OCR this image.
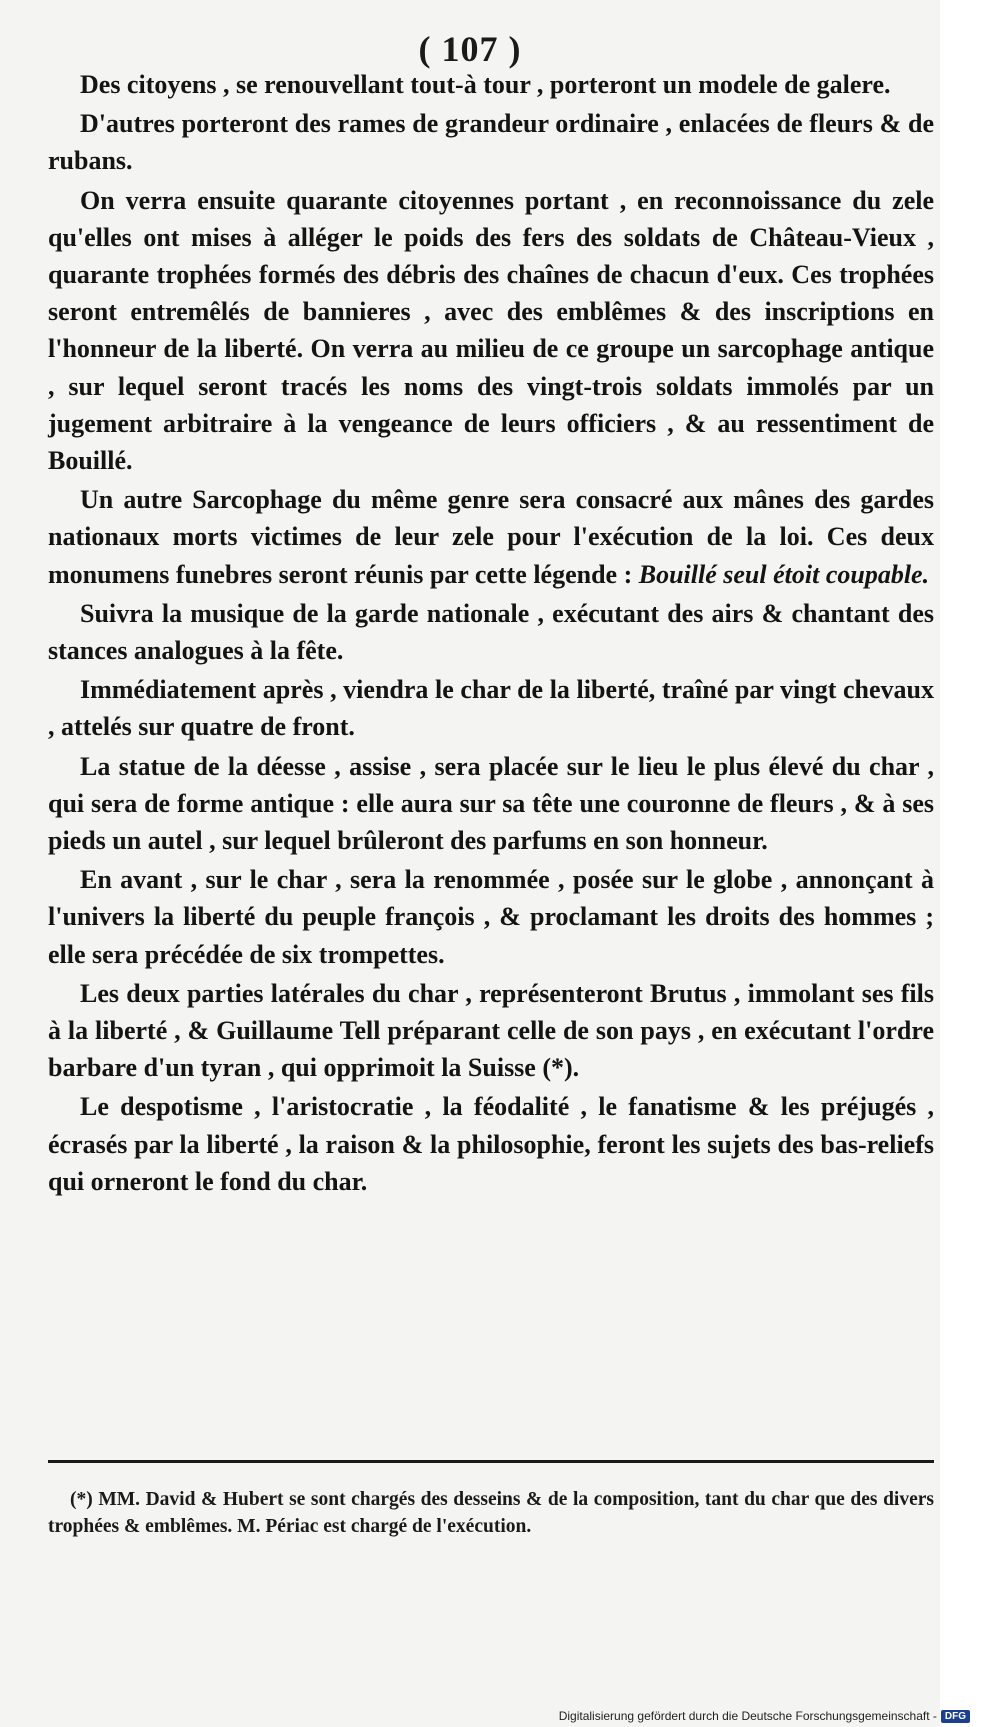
( 107 )

Des citoyens , se renouvellant tout-à tour , porteront un modele de galere.

D'autres porteront des rames de grandeur ordinaire , enlacées de fleurs & de rubans.

On verra ensuite quarante citoyennes portant , en reconnoissance du zele qu'elles ont mises à alléger le poids des fers des soldats de Château-Vieux , quarante trophées formés des débris des chaînes de chacun d'eux. Ces trophées seront entremêlés de bannieres , avec des emblêmes & des inscriptions en l'honneur de la liberté. On verra au milieu de ce groupe un sarcophage antique , sur lequel seront tracés les noms des vingt-trois soldats immolés par un jugement arbitraire à la vengeance de leurs officiers , & au ressentiment de Bouillé.

Un autre Sarcophage du même genre sera consacré aux mânes des gardes nationaux morts victimes de leur zele pour l'exécution de la loi. Ces deux monumens funebres seront réunis par cette légende : Bouillé seul étoit coupable.

Suivra la musique de la garde nationale , exécutant des airs & chantant des stances analogues à la fête.

Immédiatement après , viendra le char de la liberté, traîné par vingt chevaux , attelés sur quatre de front.

La statue de la déesse , assise , sera placée sur le lieu le plus élevé du char , qui sera de forme antique : elle aura sur sa tête une couronne de fleurs , & à ses pieds un autel , sur lequel brûleront des parfums en son honneur.

En avant , sur le char , sera la renommée , posée sur le globe , annonçant à l'univers la liberté du peuple françois , & proclamant les droits des hommes ; elle sera précédée de six trompettes.

Les deux parties latérales du char , représenteront Brutus , immolant ses fils à la liberté , & Guillaume Tell préparant celle de son pays , en exécutant l'ordre barbare d'un tyran , qui opprimoit la Suisse (*).

Le despotisme , l'aristocratie , la féodalité , le fanatisme & les préjugés , écrasés par la liberté , la raison & la philosophie, feront les sujets des bas-reliefs qui orneront le fond du char.

(*) MM. David & Hubert se sont chargés des desseins & de la composition, tant du char que des divers trophées & emblêmes. M. Périac est chargé de l'exécution.

Digitalisierung gefördert durch die Deutsche Forschungsgemeinschaft - DFG
